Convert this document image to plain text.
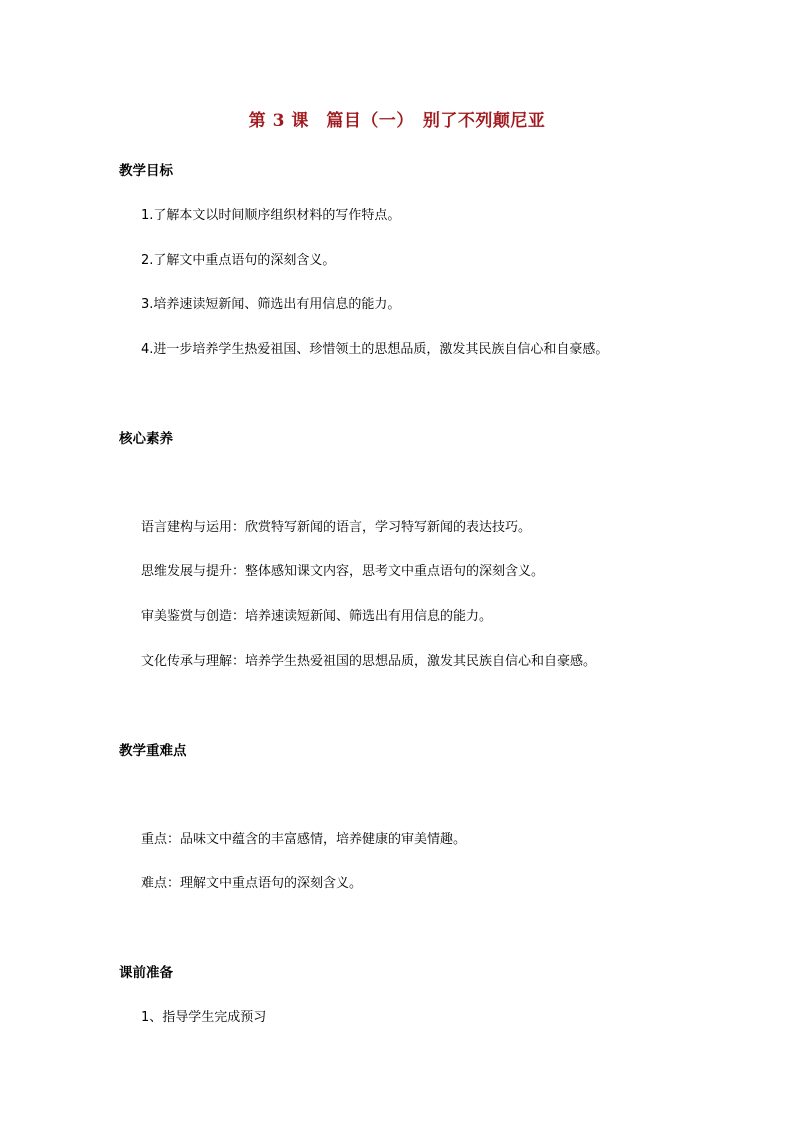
第 3 课　篇目（一）　别了不列颠尼亚
教学目标
1.了解本文以时间顺序组织材料的写作特点。
2.了解文中重点语句的深刻含义。
3.培养速读短新闻、筛选出有用信息的能力。
4.进一步培养学生热爱祖国、珍惜领土的思想品质，激发其民族自信心和自豪感。
核心素养
语言建构与运用：欣赏特写新闻的语言，学习特写新闻的表达技巧。
思维发展与提升：整体感知课文内容，思考文中重点语句的深刻含义。
审美鉴赏与创造：培养速读短新闻、筛选出有用信息的能力。
文化传承与理解：培养学生热爱祖国的思想品质，激发其民族自信心和自豪感。
教学重难点
重点：品味文中蕴含的丰富感情，培养健康的审美情趣。
难点：理解文中重点语句的深刻含义。
课前准备
1、指导学生完成预习
